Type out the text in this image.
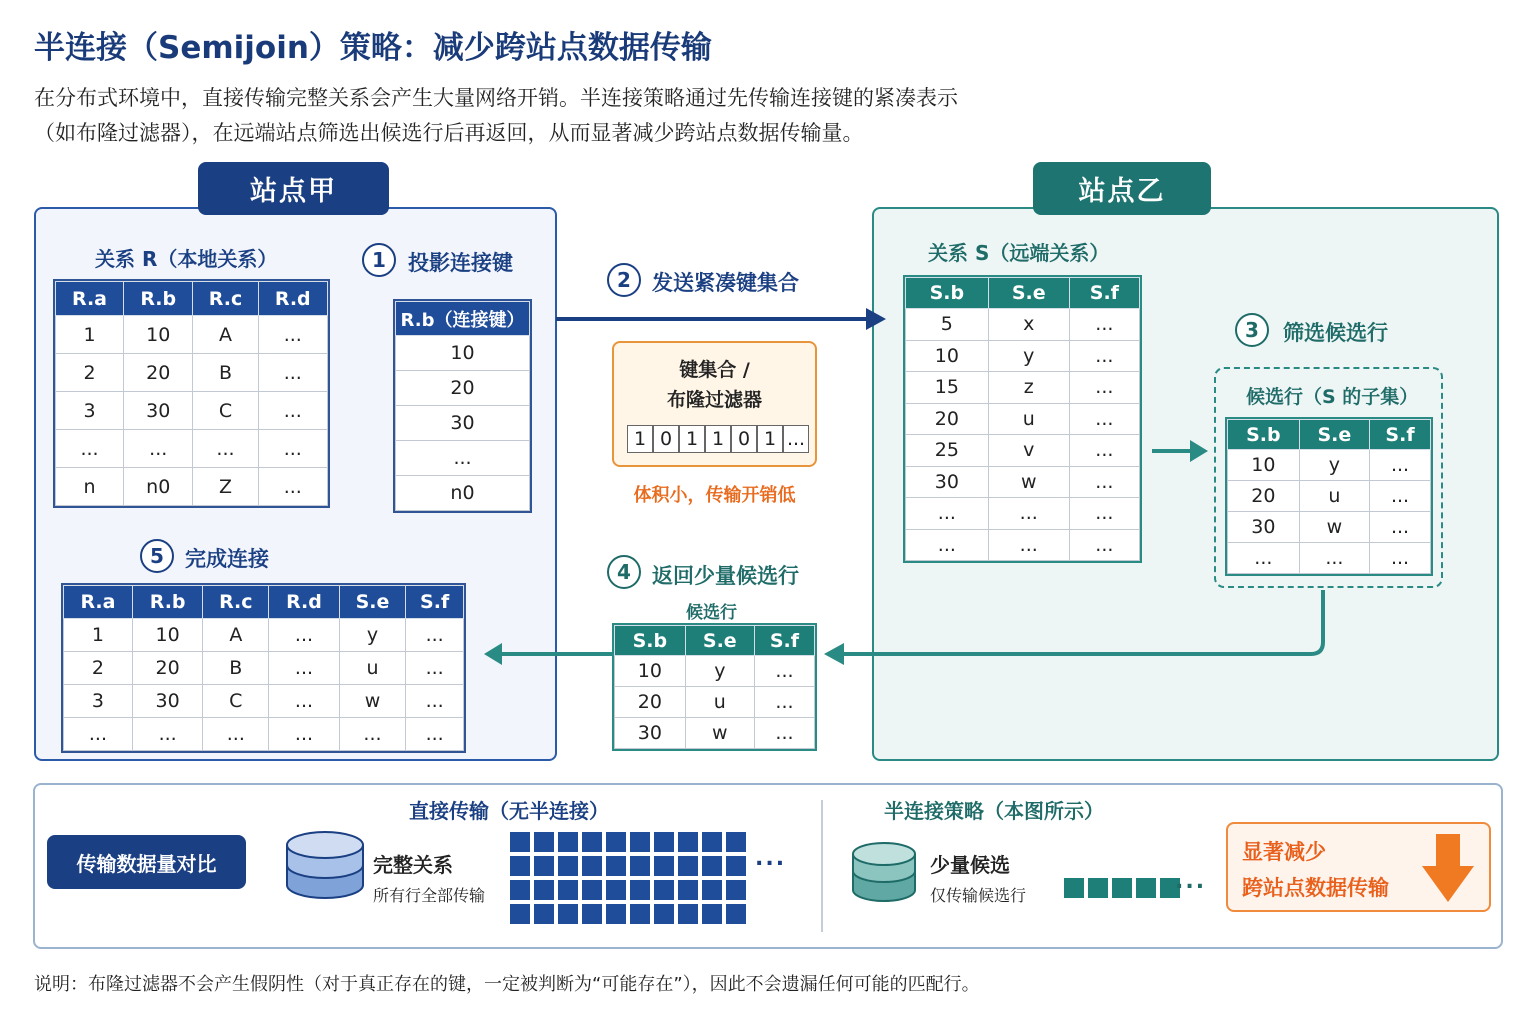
半连接（Semijoin）策略：减少跨站点数据传输
在分布式环境中，直接传输完整关系会产生大量网络开销。半连接策略通过先传输连接键的紧凑表示
（如布隆过滤器），在远端站点筛选出候选行后再返回，从而显著减少跨站点数据传输量。
站点甲	站点乙
关系 R（本地关系）
R.a	R.b	R.c	R.d
1	10	A	...
2	20	B	...
3	30	C	...
...	...	...	...
n	n0	Z	...
1	投影连接键
R.b（连接键）
10
20
30
...
n0
2	发送紧凑键集合
键集合 /
布隆过滤器
1 0 1 1 0 1 ...
体积小，传输开销低
关系 S（远端关系）
S.b	S.e	S.f
5	x	...
10	y	...
15	z	...
20	u	...
25	v	...
30	w	...
...	...	...
...	...	...
3	筛选候选行
候选行（S 的子集）
S.b	S.e	S.f
10	y	...
20	u	...
30	w	...
...	...	...
4	返回少量候选行
候选行
S.b	S.e	S.f
10	y	...
20	u	...
30	w	...
5	完成连接
R.a	R.b	R.c	R.d	S.e	S.f
1	10	A	...	y	...
2	20	B	...	u	...
3	30	C	...	w	...
...	...	...	...	...	...
传输数据量对比
直接传输（无半连接）
完整关系
所有行全部传输
...
半连接策略（本图所示）
少量候选
仅传输候选行
...
显著减少
跨站点数据传输
说明：布隆过滤器不会产生假阴性（对于真正存在的键，一定被判断为“可能存在”），因此不会遗漏任何可能的匹配行。
